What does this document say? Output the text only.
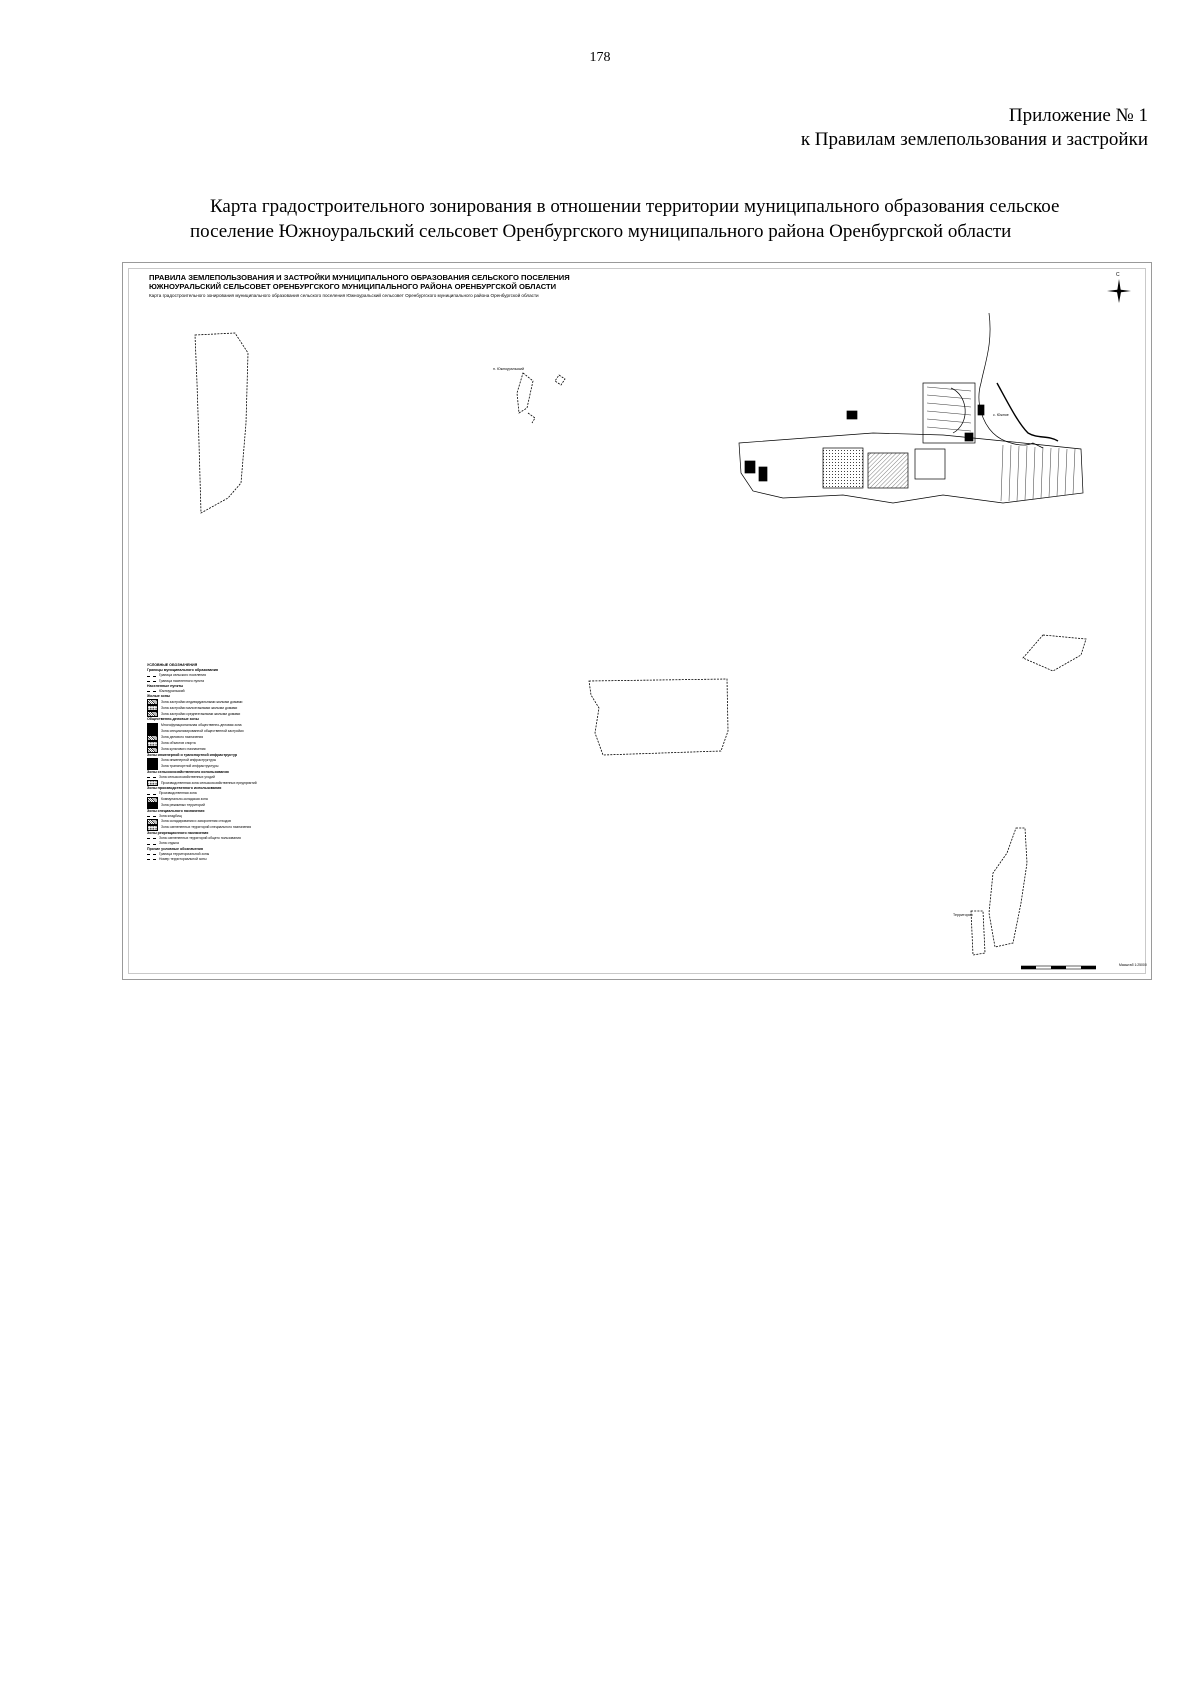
178
Приложение № 1
к Правилам землепользования и застройки
Карта градостроительного зонирования в отношении территории муниципального образования сельское поселение Южноуральский сельсовет Оренбургского муниципального района Оренбургской области
ПРАВИЛА ЗЕМЛЕПОЛЬЗОВАНИЯ И ЗАСТРОЙКИ МУНИЦИПАЛЬНОГО ОБРАЗОВАНИЯ СЕЛЬСКОГО ПОСЕЛЕНИЯ
ЮЖНОУРАЛЬСКИЙ СЕЛЬСОВЕТ ОРЕНБУРГСКОГО МУНИЦИПАЛЬНОГО РАЙОНА ОРЕНБУРГСКОЙ ОБЛАСТИ
Карта градостроительного зонирования муниципального образования сельского поселения Южноуральский сельсовет Оренбургского муниципального района Оренбургской области
С
п. Южноуральский
с. Южное
Территория
УСЛОВНЫЕ ОБОЗНАЧЕНИЯ
Границы муниципального образования
Граница сельского поселения
Граница населенного пункта
Населенные пункты
Южноуральский
Жилые зоны
Зона застройки индивидуальными жилыми домами
Зона застройки малоэтажными жилыми домами
Зона застройки среднеэтажными жилыми домами
Общественно-деловые зоны
Многофункциональная общественно-деловая зона
Зона специализированной общественной застройки
Зона делового назначения
Зона объектов спорта
Зона культового назначения
Зоны инженерной и транспортной инфраструктур
Зона инженерной инфраструктуры
Зона транспортной инфраструктуры
Зоны сельскохозяйственного использования
Зона сельскохозяйственных угодий
Производственная зона сельскохозяйственных предприятий
Зоны производственного использования
Производственная зона
Коммунально-складская зона
Зона режимных территорий
Зоны специального назначения
Зона кладбищ
Зона складирования и захоронения отходов
Зона озелененных территорий специального назначения
Зоны рекреационного назначения
Зона озелененных территорий общего пользования
Зона отдыха
Прочие условные обозначения
Граница территориальной зоны
Номер территориальной зоны
Масштаб 1:25000
